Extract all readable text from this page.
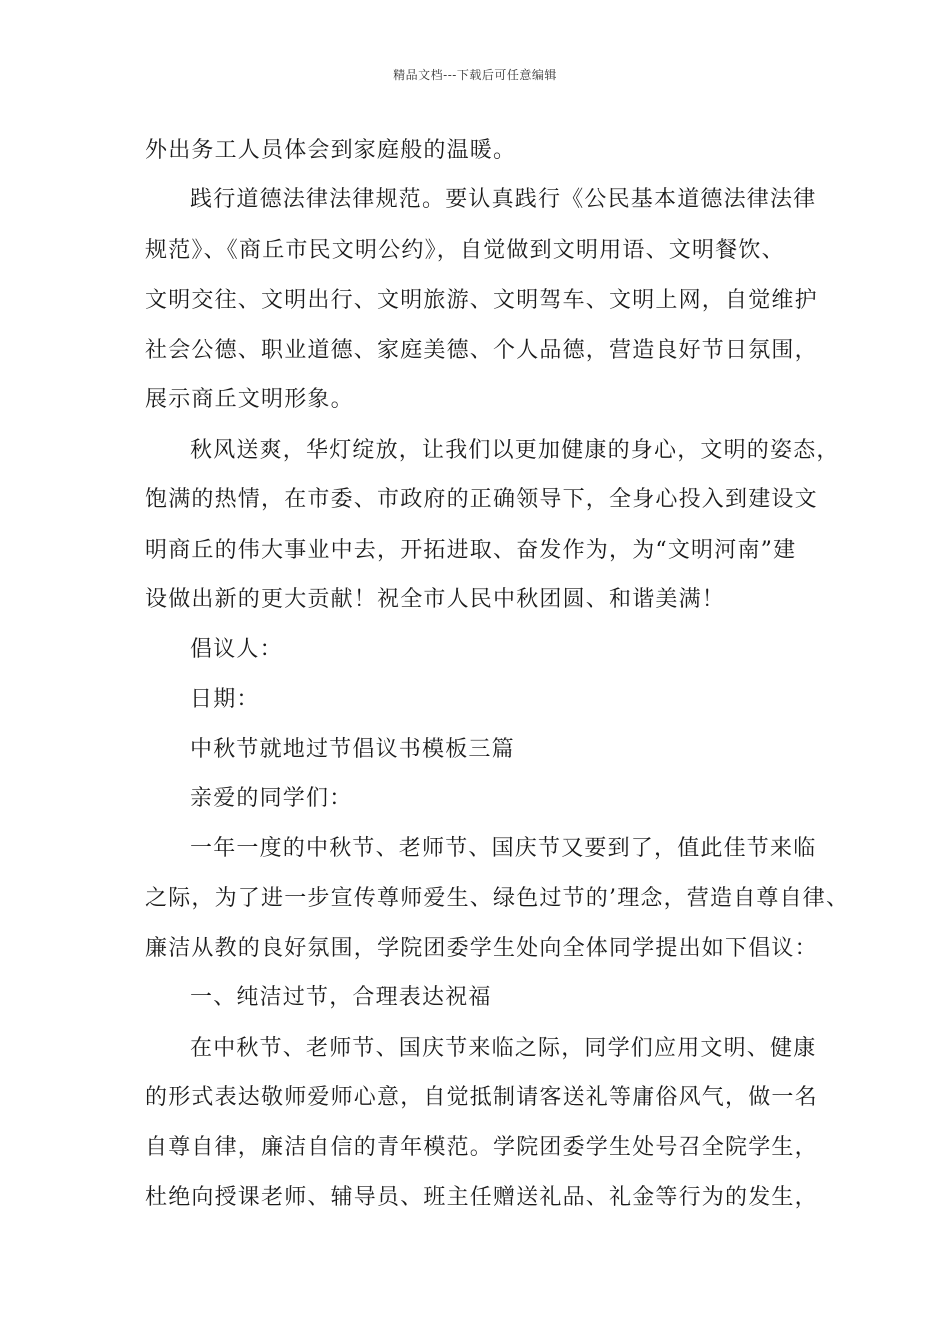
精品文档---下载后可任意编辑
外出务工人员体会到家庭般的温暖。
践行道德法律法律规范。要认真践行《公民基本道德法律法律
规范》、《商丘市民文明公约》，自觉做到文明用语、文明餐饮、
文明交往、文明出行、文明旅游、文明驾车、文明上网，自觉维护
社会公德、职业道德、家庭美德、个人品德，营造良好节日氛围，
展示商丘文明形象。
秋风送爽，华灯绽放，让我们以更加健康的身心，文明的姿态，
饱满的热情，在市委、市政府的正确领导下，全身心投入到建设文
明商丘的伟大事业中去，开拓进取、奋发作为，为“文明河南”建
设做出新的更大贡献！祝全市人民中秋团圆、和谐美满！
倡议人：
日期：
中秋节就地过节倡议书模板三篇
亲爱的同学们：
一年一度的中秋节、老师节、国庆节又要到了，值此佳节来临
之际，为了进一步宣传尊师爱生、绿色过节的’理念，营造自尊自律、
廉洁从教的良好氛围，学院团委学生处向全体同学提出如下倡议：
一、纯洁过节，合理表达祝福
在中秋节、老师节、国庆节来临之际，同学们应用文明、健康
的形式表达敬师爱师心意，自觉抵制请客送礼等庸俗风气，做一名
自尊自律，廉洁自信的青年模范。学院团委学生处号召全院学生，
杜绝向授课老师、辅导员、班主任赠送礼品、礼金等行为的发生，
